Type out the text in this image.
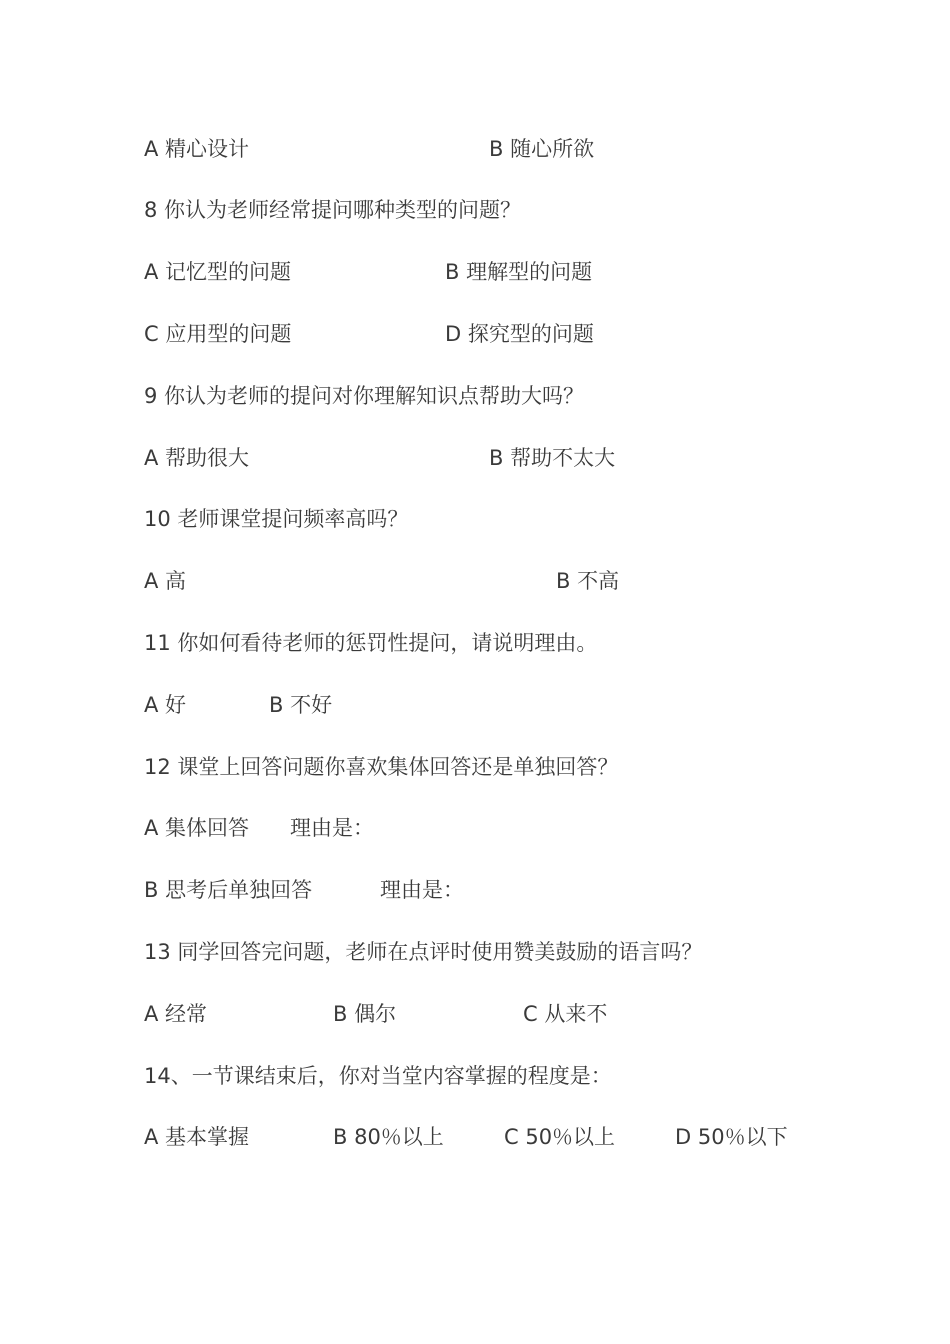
A 精心设计	B 随心所欲
8 你认为老师经常提问哪种类型的问题？
A 记忆型的问题	B 理解型的问题
C 应用型的问题	D 探究型的问题
9 你认为老师的提问对你理解知识点帮助大吗？
A 帮助很大	B 帮助不太大
10 老师课堂提问频率高吗？
A 高	B 不高
11 你如何看待老师的惩罚性提问，请说明理由。
A 好	B 不好
12 课堂上回答问题你喜欢集体回答还是单独回答？
A 集体回答 理由是：
B 思考后单独回答	理由是：
13 同学回答完问题，老师在点评时使用赞美鼓励的语言吗？
A 经常	B 偶尔	C 从来不
14、一节课结束后，你对当堂内容掌握的程度是：
A 基本掌握	B 80％以上	C 50％以上	D 50％以下
